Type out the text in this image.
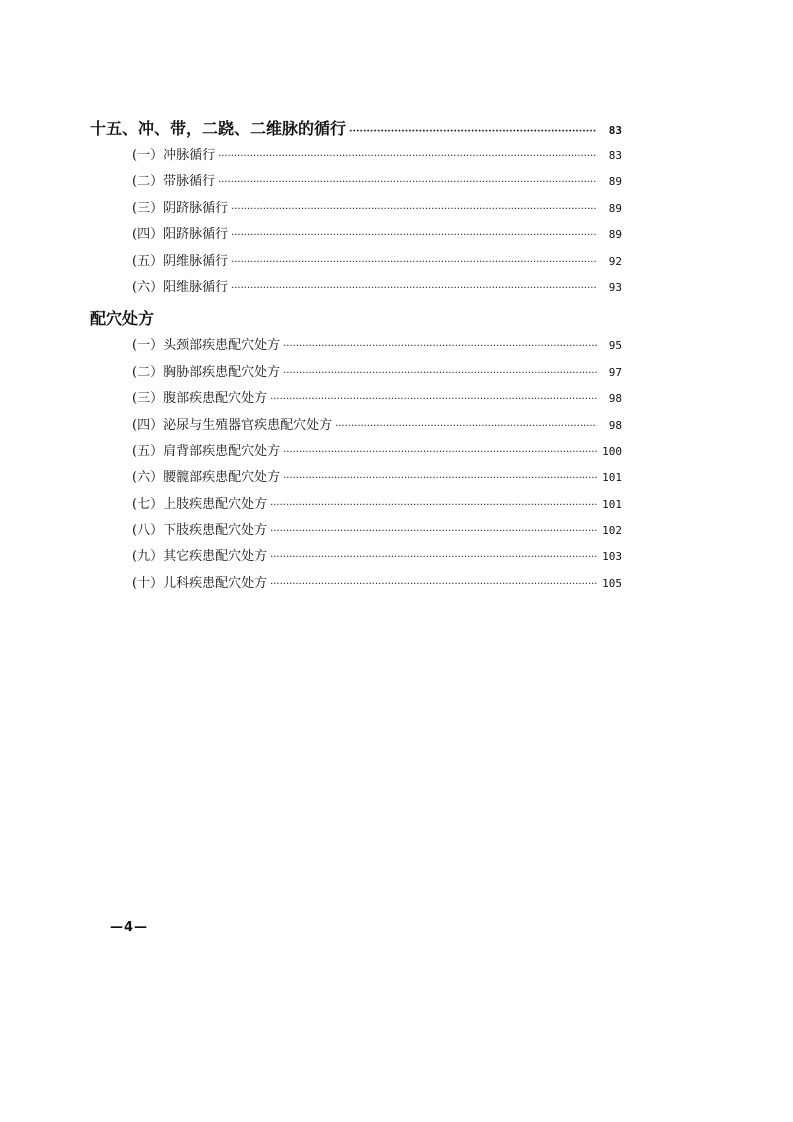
十五、冲、带，二跷、二维脉的循行 ·····	83
(一）冲脉循行 ·····	83
(二）带脉循行 ·····	89
(三）阴跻脉循行 ·····	89
(四）阳跻脉循行 ·····	89
(五）阴维脉循行 ·····	92
(六）阳维脉循行 ·····	93
配穴处方
(一）头颈部疾患配穴处方 ·····	95
(二）胸胁部疾患配穴处方 ·····	97
(三）腹部疾患配穴处方 ·····	98
(四）泌尿与生殖器官疾患配穴处方 ·····	98
(五）肩背部疾患配穴处方 ·····	100
(六）腰髋部疾患配穴处方 ·····	101
(七）上肢疾患配穴处方 ·····	101
(八）下肢疾患配穴处方 ·····	102
(九）其它疾患配穴处方 ·····	103
(十）儿科疾患配穴处方 ·····	105
—4—
